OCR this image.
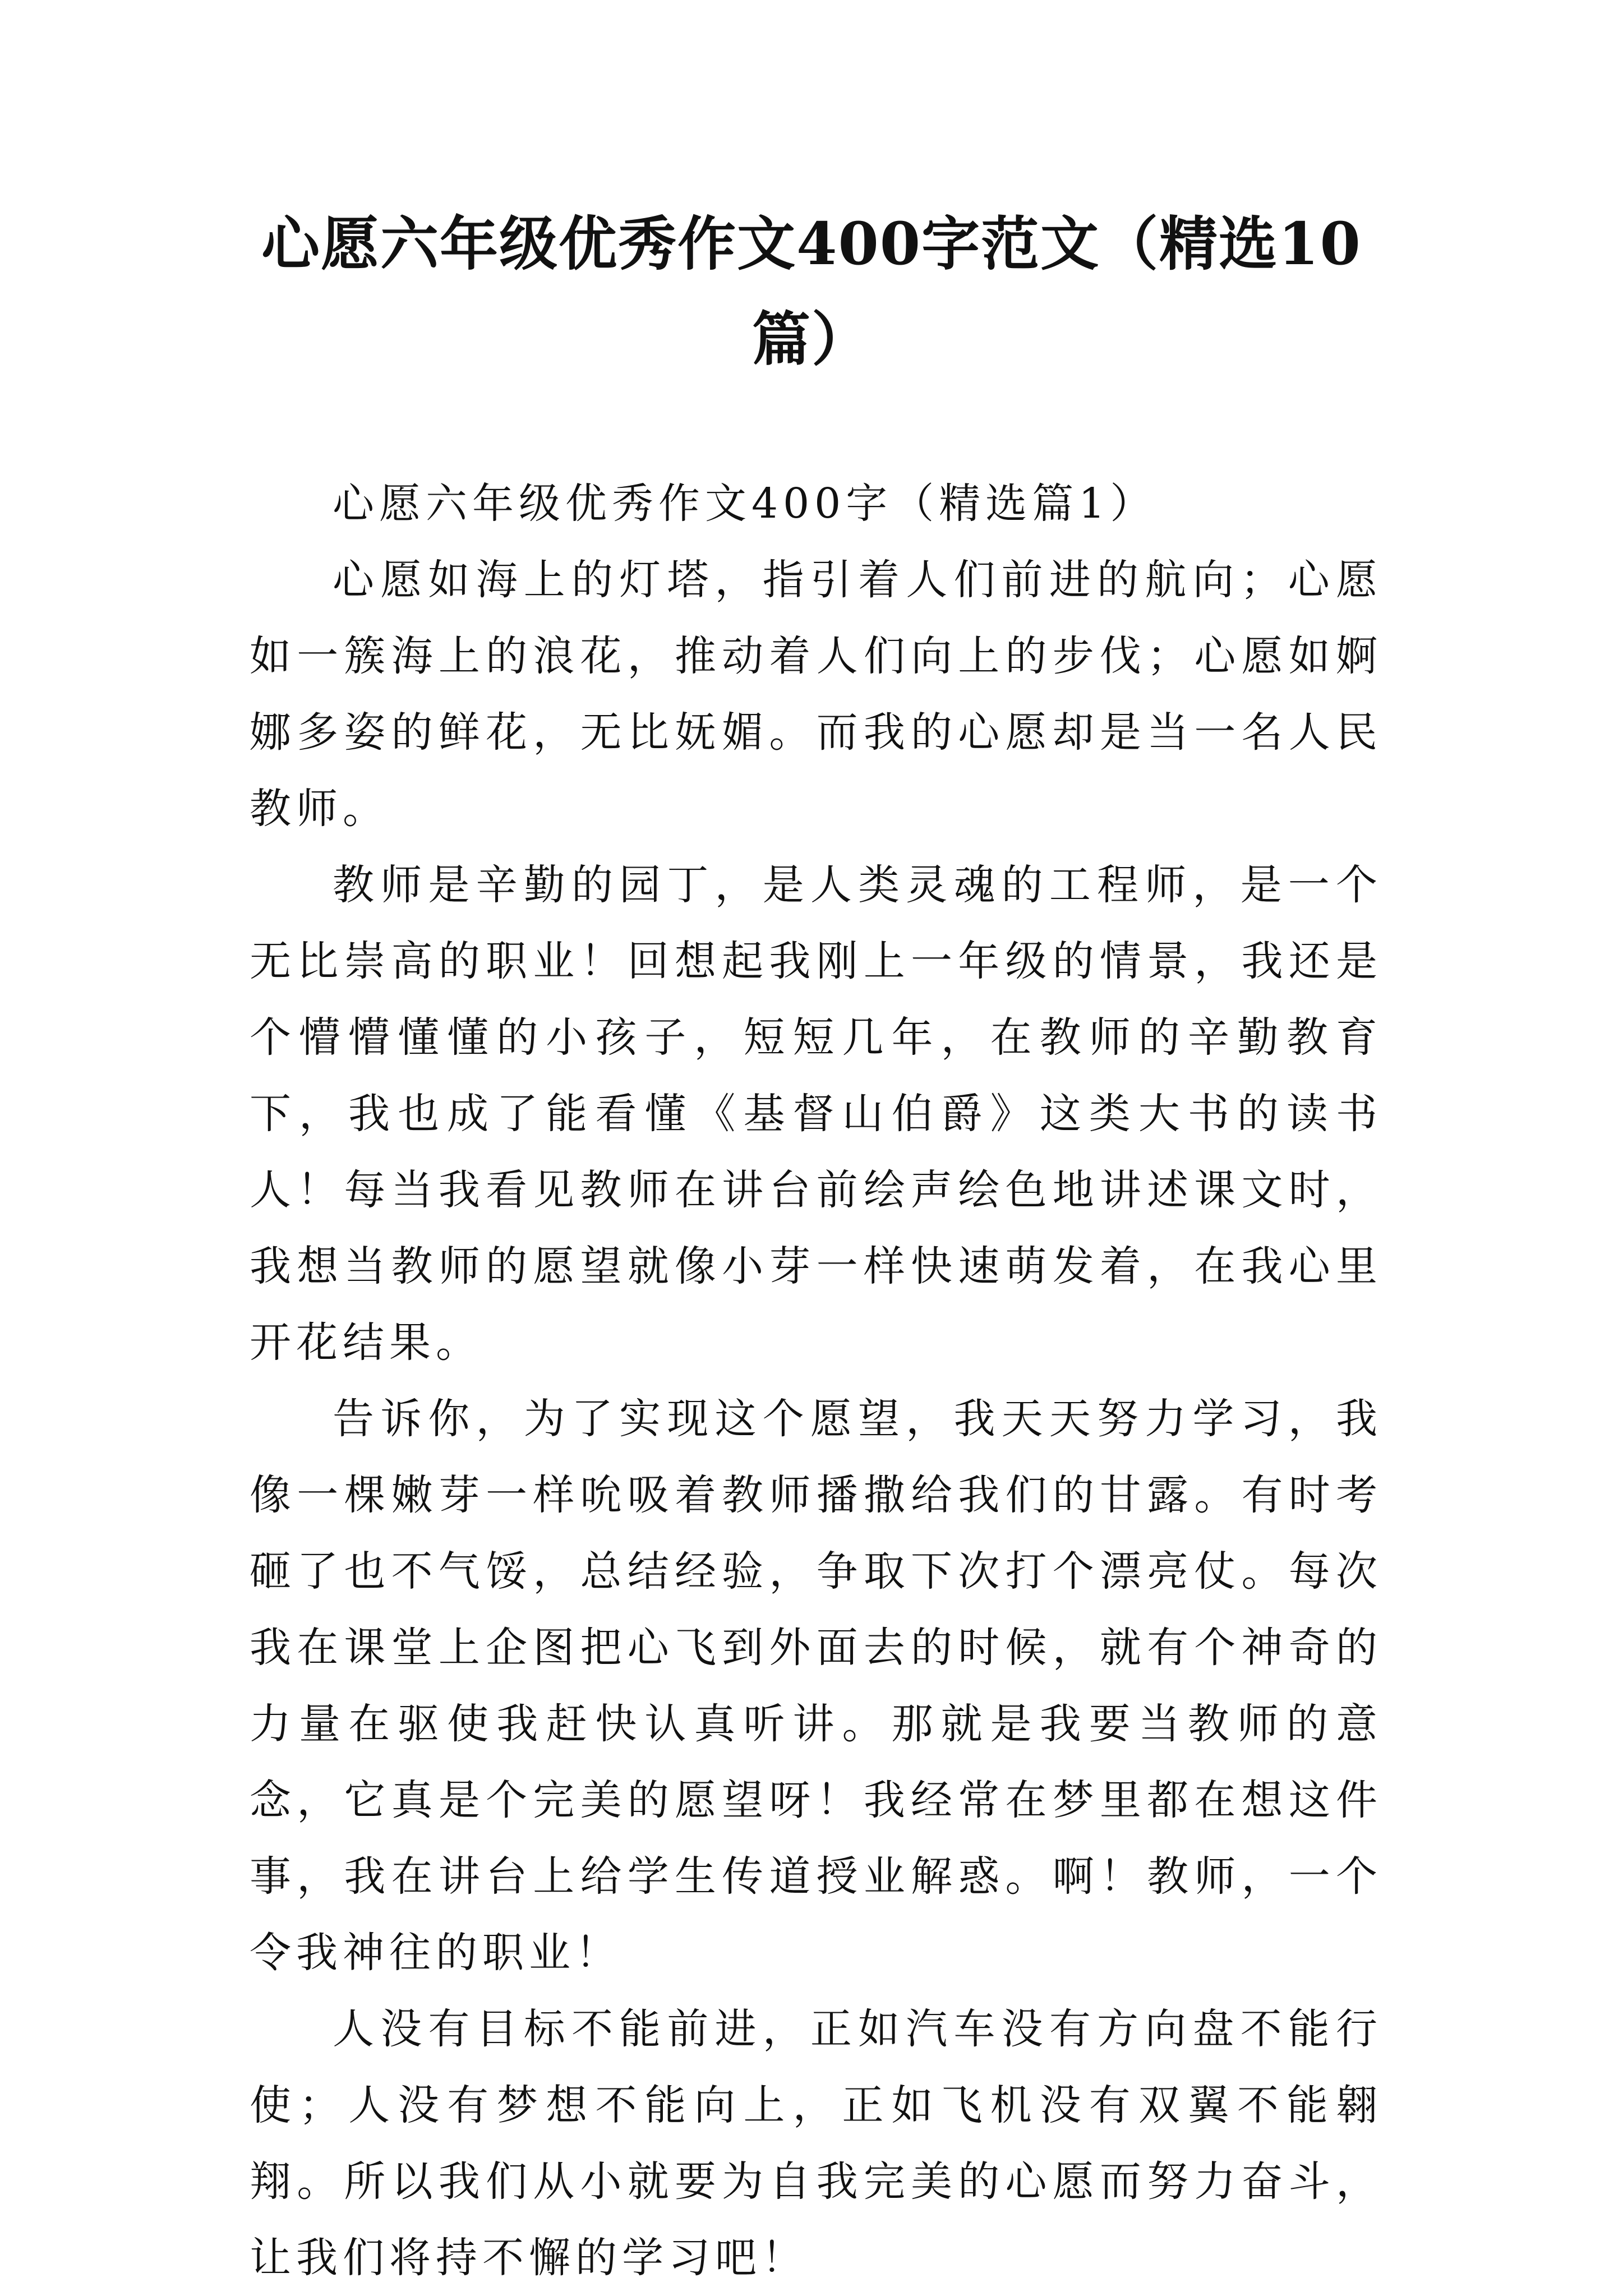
心愿六年级优秀作文400字范文（精选10篇）

心愿六年级优秀作文400字（精选篇1）

心愿如海上的灯塔，指引着人们前进的航向；心愿如一簇海上的浪花，推动着人们向上的步伐；心愿如婀娜多姿的鲜花，无比妩媚。而我的心愿却是当一名人民教师。

教师是辛勤的园丁，是人类灵魂的工程师，是一个无比崇高的职业！回想起我刚上一年级的情景，我还是个懵懵懂懂的小孩子，短短几年，在教师的辛勤教育下，我也成了能看懂《基督山伯爵》这类大书的读书人！每当我看见教师在讲台前绘声绘色地讲述课文时，我想当教师的愿望就像小芽一样快速萌发着，在我心里开花结果。

告诉你，为了实现这个愿望，我天天努力学习，我像一棵嫩芽一样吮吸着教师播撒给我们的甘露。有时考砸了也不气馁，总结经验，争取下次打个漂亮仗。每次我在课堂上企图把心飞到外面去的时候，就有个神奇的力量在驱使我赶快认真听讲。那就是我要当教师的意念，它真是个完美的愿望呀！我经常在梦里都在想这件事，我在讲台上给学生传道授业解惑。啊！教师，一个令我神往的职业！

人没有目标不能前进，正如汽车没有方向盘不能行使；人没有梦想不能向上，正如飞机没有双翼不能翱翔。所以我们从小就要为自我完美的心愿而努力奋斗，让我们将持不懈的学习吧！
